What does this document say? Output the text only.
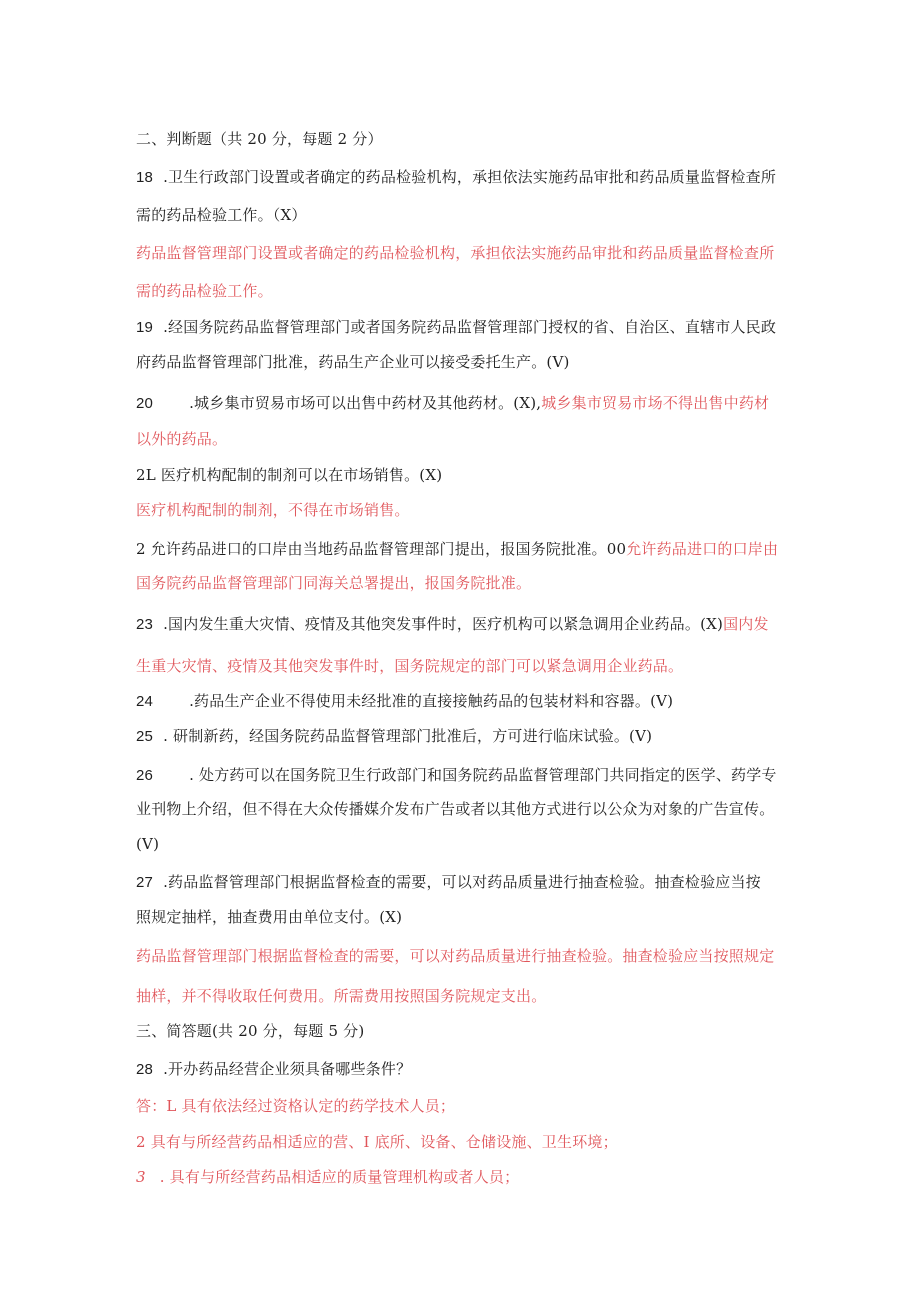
二、判断题（共 20 分，每题 2 分）
18 .卫生行政部门设置或者确定的药品检验机构，承担依法实施药品审批和药品质量监督检查所
需的药品检验工作。（X）
药品监督管理部门设置或者确定的药品检验机构，承担依法实施药品审批和药品质量监督检查所
需的药品检验工作。
19 .经国务院药品监督管理部门或者国务院药品监督管理部门授权的省、自治区、直辖市人民政
府药品监督管理部门批准，药品生产企业可以接受委托生产。(V)
20 .城乡集市贸易市场可以出售中药材及其他药材。(X),城乡集市贸易市场不得出售中药材
以外的药品。
2L 医疗机构配制的制剂可以在市场销售。(X)
医疗机构配制的制剂，不得在市场销售。
2 允许药品进口的口岸由当地药品监督管理部门提出，报国务院批准。00允许药品进口的口岸由
国务院药品监督管理部门同海关总署提出，报国务院批准。
23 .国内发生重大灾情、疫情及其他突发事件时，医疗机构可以紧急调用企业药品。(X)国内发
生重大灾情、疫情及其他突发事件时，国务院规定的部门可以紧急调用企业药品。
24 .药品生产企业不得使用未经批准的直接接触药品的包装材料和容器。(V)
25 . 研制新药，经国务院药品监督管理部门批准后，方可进行临床试验。(V)
26 . 处方药可以在国务院卫生行政部门和国务院药品监督管理部门共同指定的医学、药学专
业刊物上介绍，但不得在大众传播媒介发布广告或者以其他方式进行以公众为对象的广告宣传。
(V)
27 .药品监督管理部门根据监督检查的需要，可以对药品质量进行抽查检验。抽查检验应当按
照规定抽样，抽查费用由单位支付。(X)
药品监督管理部门根据监督检查的需要，可以对药品质量进行抽查检验。抽查检验应当按照规定
抽样，并不得收取任何费用。所需费用按照国务院规定支出。
三、简答题(共 20 分，每题 5 分)
28 .开办药品经营企业须具备哪些条件？
答：L 具有依法经过资格认定的药学技术人员；
2 具有与所经营药品相适应的营、I 底所、设备、仓储设施、卫生环境；
3 . 具有与所经营药品相适应的质量管理机构或者人员；
